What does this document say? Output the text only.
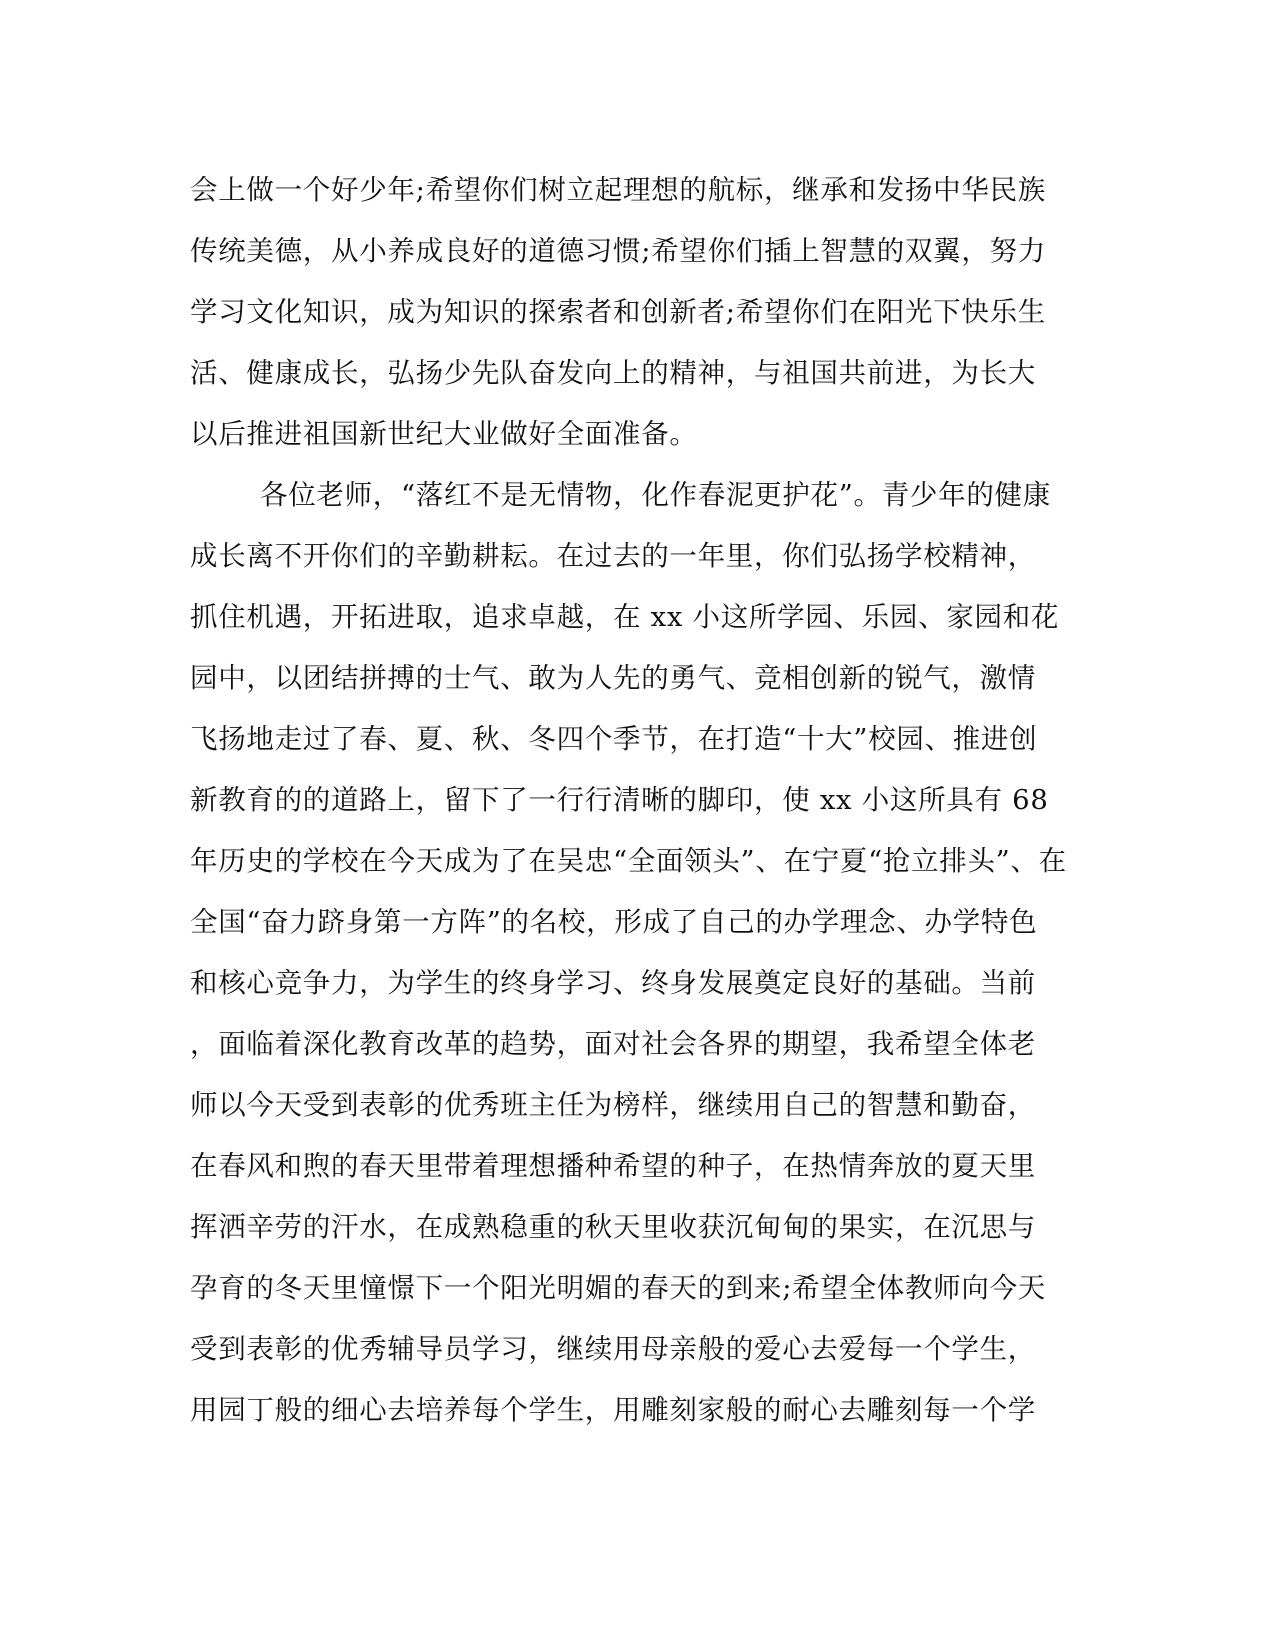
会上做一个好少年;希望你们树立起理想的航标，继承和发扬中华民族
传统美德，从小养成良好的道德习惯;希望你们插上智慧的双翼，努力
学习文化知识，成为知识的探索者和创新者;希望你们在阳光下快乐生
活、健康成长，弘扬少先队奋发向上的精神，与祖国共前进，为长大
以后推进祖国新世纪大业做好全面准备。
各位老师，“落红不是无情物，化作春泥更护花”。青少年的健康
成长离不开你们的辛勤耕耘。在过去的一年里，你们弘扬学校精神，
抓住机遇，开拓进取，追求卓越，在 xx 小这所学园、乐园、家园和花
园中，以团结拼搏的士气、敢为人先的勇气、竞相创新的锐气，激情
飞扬地走过了春、夏、秋、冬四个季节，在打造“十大”校园、推进创
新教育的的道路上，留下了一行行清晰的脚印，使 xx 小这所具有 68
年历史的学校在今天成为了在吴忠“全面领头”、在宁夏“抢立排头”、在
全国“奋力跻身第一方阵”的名校，形成了自己的办学理念、办学特色
和核心竞争力，为学生的终身学习、终身发展奠定良好的基础。当前
，面临着深化教育改革的趋势，面对社会各界的期望，我希望全体老
师以今天受到表彰的优秀班主任为榜样，继续用自己的智慧和勤奋，
在春风和煦的春天里带着理想播种希望的种子，在热情奔放的夏天里
挥洒辛劳的汗水，在成熟稳重的秋天里收获沉甸甸的果实，在沉思与
孕育的冬天里憧憬下一个阳光明媚的春天的到来;希望全体教师向今天
受到表彰的优秀辅导员学习，继续用母亲般的爱心去爱每一个学生，
用园丁般的细心去培养每个学生，用雕刻家般的耐心去雕刻每一个学
